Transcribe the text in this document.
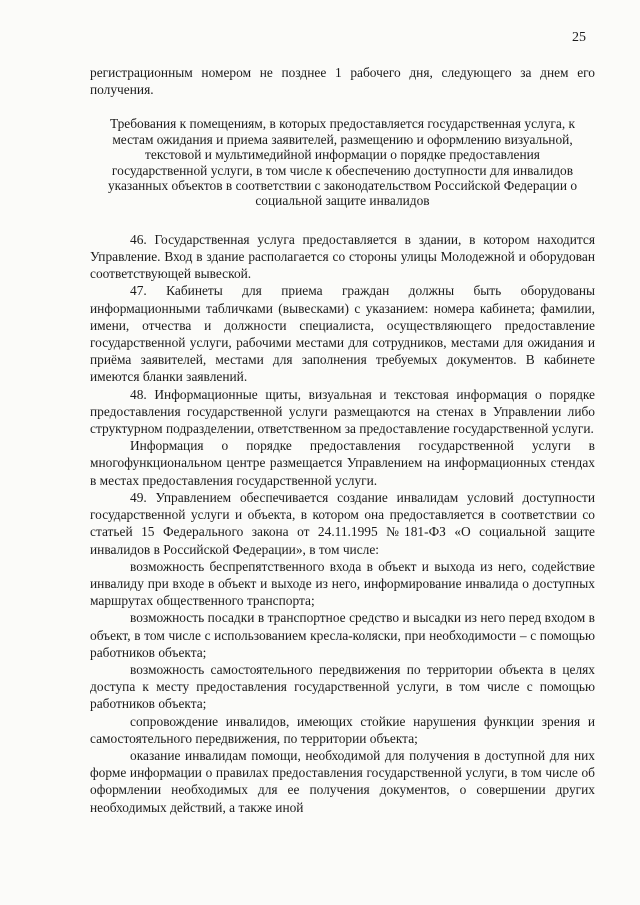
25

регистрационным номером не позднее 1 рабочего дня, следующего за днем его получения.

Требования к помещениям, в которых предоставляется государственная услуга, к местам ожидания и приема заявителей, размещению и оформлению визуальной, текстовой и мультимедийной информации о порядке предоставления государственной услуги, в том числе к обеспечению доступности для инвалидов указанных объектов в соответствии с законодательством Российской Федерации о социальной защите инвалидов

46. Государственная услуга предоставляется в здании, в котором находится Управление. Вход в здание располагается со стороны улицы Молодежной и оборудован соответствующей вывеской.

47. Кабинеты для приема граждан должны быть оборудованы информационными табличками (вывесками) с указанием: номера кабинета; фамилии, имени, отчества и должности специалиста, осуществляющего предоставление государственной услуги, рабочими местами для сотрудников, местами для ожидания и приёма заявителей, местами для заполнения требуемых документов. В кабинете имеются бланки заявлений.

48. Информационные щиты, визуальная и текстовая информация о порядке предоставления государственной услуги размещаются на стенах в Управлении либо структурном подразделении, ответственном за предоставление государственной услуги.

Информация о порядке предоставления государственной услуги в многофункциональном центре размещается Управлением на информационных стендах в местах предоставления государственной услуги.

49. Управлением обеспечивается создание инвалидам условий доступности государственной услуги и объекта, в котором она предоставляется в соответствии со статьей 15 Федерального закона от 24.11.1995 №181-ФЗ «О социальной защите инвалидов в Российской Федерации», в том числе:

возможность беспрепятственного входа в объект и выхода из него, содействие инвалиду при входе в объект и выходе из него, информирование инвалида о доступных маршрутах общественного транспорта;

возможность посадки в транспортное средство и высадки из него перед входом в объект, в том числе с использованием кресла-коляски, при необходимости – с помощью работников объекта;

возможность самостоятельного передвижения по территории объекта в целях доступа к месту предоставления государственной услуги, в том числе с помощью работников объекта;

сопровождение инвалидов, имеющих стойкие нарушения функции зрения и самостоятельного передвижения, по территории объекта;

оказание инвалидам помощи, необходимой для получения в доступной для них форме информации о правилах предоставления государственной услуги, в том числе об оформлении необходимых для ее получения документов, о совершении других необходимых действий, а также иной
